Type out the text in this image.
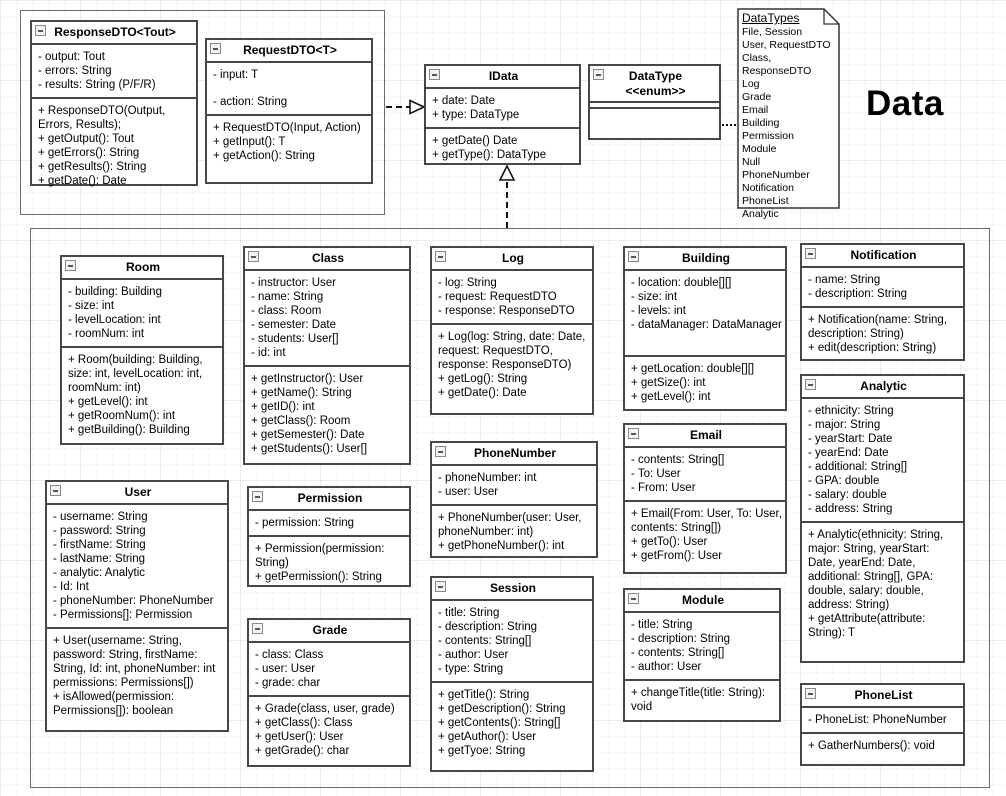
Data
DataTypes
File, Session
User, RequestDTO
Class, ResponseDTO
Log
Grade
Email
Building
Permission
Module
Null
PhoneNumber
Notification
PhoneList
Analytic
ResponseDTO<Tout>
- output: Tout
- errors: String
- results: String (P/F/R)
+ ResponseDTO(Output, Errors, Results);
+ getOutput(): Tout
+ getErrors(): String
+ getResults(): String
+ getDate(): Date
RequestDTO<T>
- input: T
- action: String
+ RequestDTO(Input, Action)
+ getInput(): T
+ getAction(): String
IData
+ date: Date
+ type: DataType
+ getDate() Date
+ getType(): DataType
DataType
<<enum>>
Room
- building: Building
- size: int
- levelLocation: int
- roomNum: int
+ Room(building: Building, size: int, levelLocation: int, roomNum: int)
+ getLevel(): int
+ getRoomNum(): int
+ getBuilding(): Building
User
- username: String
- password: String
- firstName: String
- lastName: String
- analytic: Analytic
- Id: Int
- phoneNumber: PhoneNumber
- Permissions[]: Permission
+ User(username: String, password: String, firstName: String, Id: int, phoneNumber: int permissions: Permissions[])
+ isAllowed(permission: Permissions[]): boolean
Class
- instructor: User
- name: String
- class: Room
- semester: Date
- students: User[]
- id: int
+ getInstructor(): User
+ getName(): String
+ getID(): int
+ getClass(): Room
+ getSemester(): Date
+ getStudents(): User[]
Permission
- permission: String
+ Permission(permission: String)
+ getPermission(): String
Grade
- class: Class
- user: User
- grade: char
+ Grade(class, user, grade)
+ getClass(): Class
+ getUser(): User
+ getGrade(): char
Log
- log: String
- request: RequestDTO
- response: ResponseDTO
+ Log(log: String, date: Date, request: RequestDTO, response: ResponseDTO)
+ getLog(): String
+ getDate(): Date
PhoneNumber
- phoneNumber: int
- user: User
+ PhoneNumber(user: User, phoneNumber: int)
+ getPhoneNumber(): int
Session
- title: String
- description: String
- contents: String[]
- author: User
- type: String
+ getTitle(): String
+ getDescription(): String
+ getContents(): String[]
+ getAuthor(): User
+ getTyoe: String
Building
- location: double[][]
- size: int
- levels: int
- dataManager: DataManager
+ getLocation: double[][]
+ getSize(): int
+ getLevel(): int
Email
- contents: String[]
- To: User
- From: User
+ Email(From: User, To: User, contents: String[])
+ getTo(): User
+ getFrom(): User
Module
- title: String
- description: String
- contents: String[]
- author: User
+ changeTitle(title: String): void
Notification
- name: String
- description: String
+ Notification(name: String, description: String)
+ edit(description: String)
Analytic
- ethnicity: String
- major: String
- yearStart: Date
- yearEnd: Date
- additional: String[]
- GPA: double
- salary: double
- address: String
+ Analytic(ethnicity: String, major: String, yearStart: Date, yearEnd: Date, additional: String[], GPA: double, salary: double, address: String)
+ getAttribute(attribute: String): T
PhoneList
- PhoneList: PhoneNumber
+ GatherNumbers(): void
